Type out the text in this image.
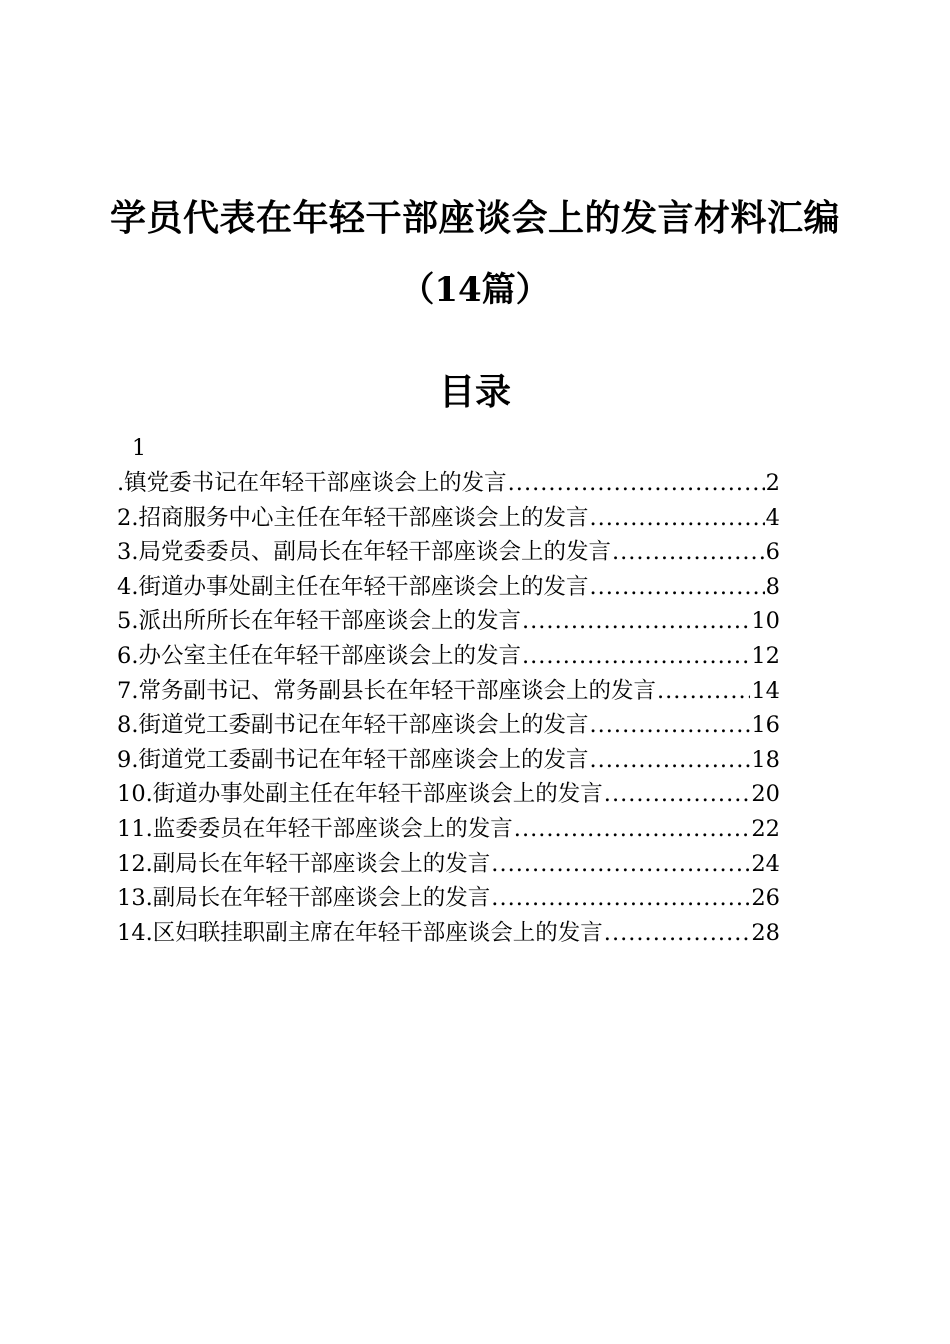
学员代表在年轻干部座谈会上的发言材料汇编
（14篇）
目录
1
.镇党委书记在年轻干部座谈会上的发言 .....	2
2.招商服务中心主任在年轻干部座谈会上的发言 .....	4
3.局党委委员、副局长在年轻干部座谈会上的发言 .....	6
4.街道办事处副主任在年轻干部座谈会上的发言 .....	8
5.派出所所长在年轻干部座谈会上的发言 .....	10
6.办公室主任在年轻干部座谈会上的发言 .....	12
7.常务副书记、常务副县长在年轻干部座谈会上的发言 .....	14
8.街道党工委副书记在年轻干部座谈会上的发言 .....	16
9.街道党工委副书记在年轻干部座谈会上的发言 .....	18
10.街道办事处副主任在年轻干部座谈会上的发言 .....	20
11.监委委员在年轻干部座谈会上的发言 .....	22
12.副局长在年轻干部座谈会上的发言 .....	24
13.副局长在年轻干部座谈会上的发言 .....	26
14.区妇联挂职副主席在年轻干部座谈会上的发言 .....	28
